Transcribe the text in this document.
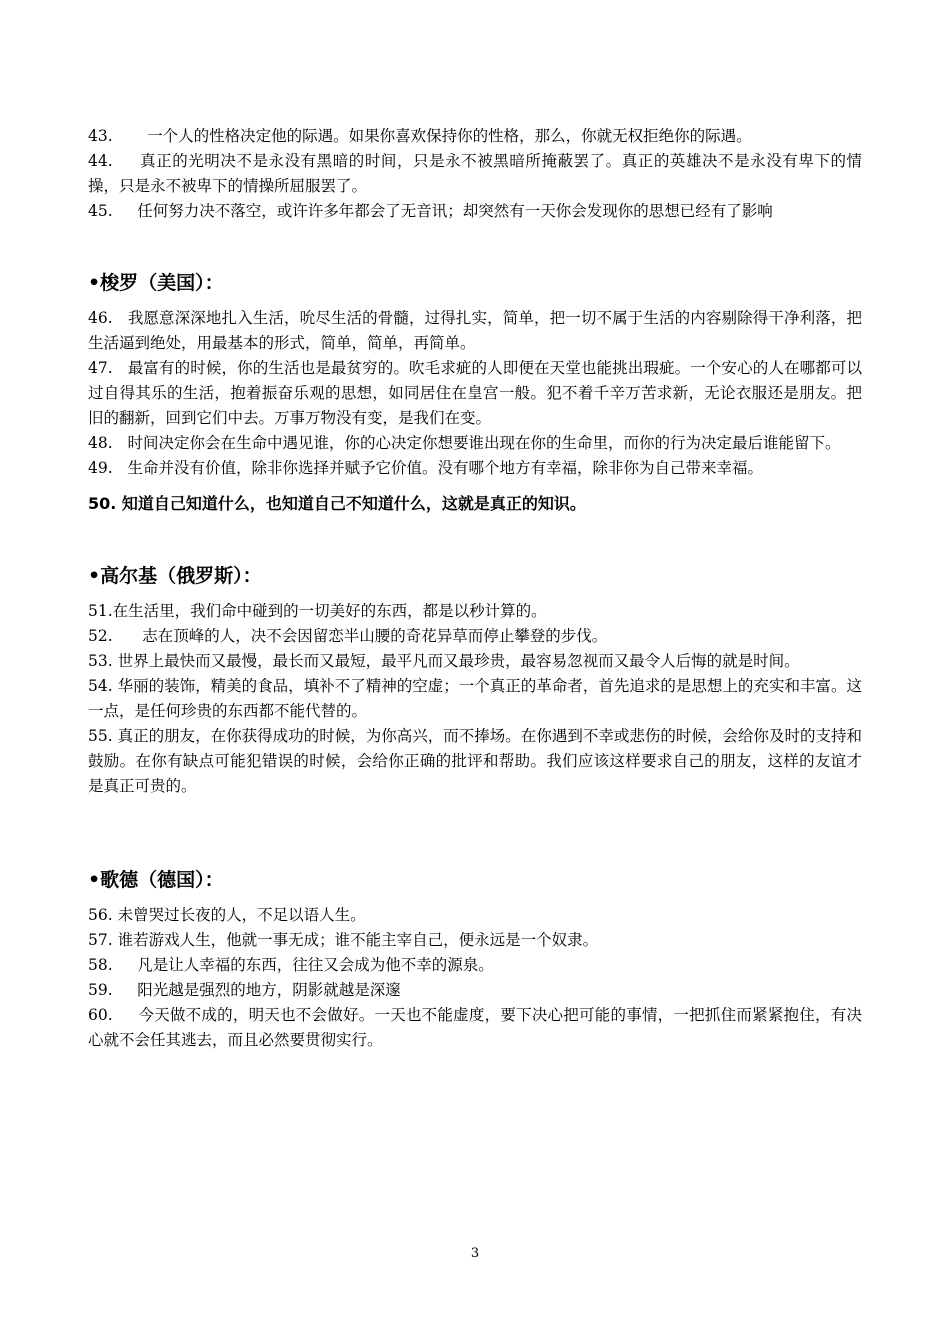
43. 一个人的性格决定他的际遇。如果你喜欢保持你的性格，那么，你就无权拒绝你的际遇。

44. 真正的光明决不是永没有黑暗的时间，只是永不被黑暗所掩蔽罢了。真正的英雄决不是永没有卑下的情操，只是永不被卑下的情操所屈服罢了。

45. 任何努力决不落空，或许许多年都会了无音讯；却突然有一天你会发现你的思想已经有了影响

•梭罗（美国）：

46. 我愿意深深地扎入生活，吮尽生活的骨髓，过得扎实，简单，把一切不属于生活的内容剔除得干净利落，把生活逼到绝处，用最基本的形式，简单，简单，再简单。

47. 最富有的时候，你的生活也是最贫穷的。吹毛求疵的人即便在天堂也能挑出瑕疵。一个安心的人在哪都可以过自得其乐的生活，抱着振奋乐观的思想，如同居住在皇宫一般。犯不着千辛万苦求新，无论衣服还是朋友。把旧的翻新，回到它们中去。万事万物没有变，是我们在变。

48. 时间决定你会在生命中遇见谁，你的心决定你想要谁出现在你的生命里，而你的行为决定最后谁能留下。

49. 生命并没有价值，除非你选择并赋予它价值。没有哪个地方有幸福，除非你为自己带来幸福。

50. 知道自己知道什么，也知道自己不知道什么，这就是真正的知识。

•高尔基（俄罗斯）：

51.在生活里，我们命中碰到的一切美好的东西，都是以秒计算的。

52. 志在顶峰的人，决不会因留恋半山腰的奇花异草而停止攀登的步伐。

53. 世界上最快而又最慢，最长而又最短，最平凡而又最珍贵，最容易忽视而又最令人后悔的就是时间。

54. 华丽的装饰，精美的食品，填补不了精神的空虚；一个真正的革命者，首先追求的是思想上的充实和丰富。这一点，是任何珍贵的东西都不能代替的。

55. 真正的朋友，在你获得成功的时候，为你高兴，而不捧场。在你遇到不幸或悲伤的时候，会给你及时的支持和鼓励。在你有缺点可能犯错误的时候，会给你正确的批评和帮助。我们应该这样要求自己的朋友，这样的友谊才是真正可贵的。

•歌德（德国）：

56. 未曾哭过长夜的人，不足以语人生。

57. 谁若游戏人生，他就一事无成；谁不能主宰自己，便永远是一个奴隶。

58. 凡是让人幸福的东西，往往又会成为他不幸的源泉。

59. 阳光越是强烈的地方，阴影就越是深邃

60. 今天做不成的，明天也不会做好。一天也不能虚度，要下决心把可能的事情，一把抓住而紧紧抱住，有决心就不会任其逃去，而且必然要贯彻实行。

3
